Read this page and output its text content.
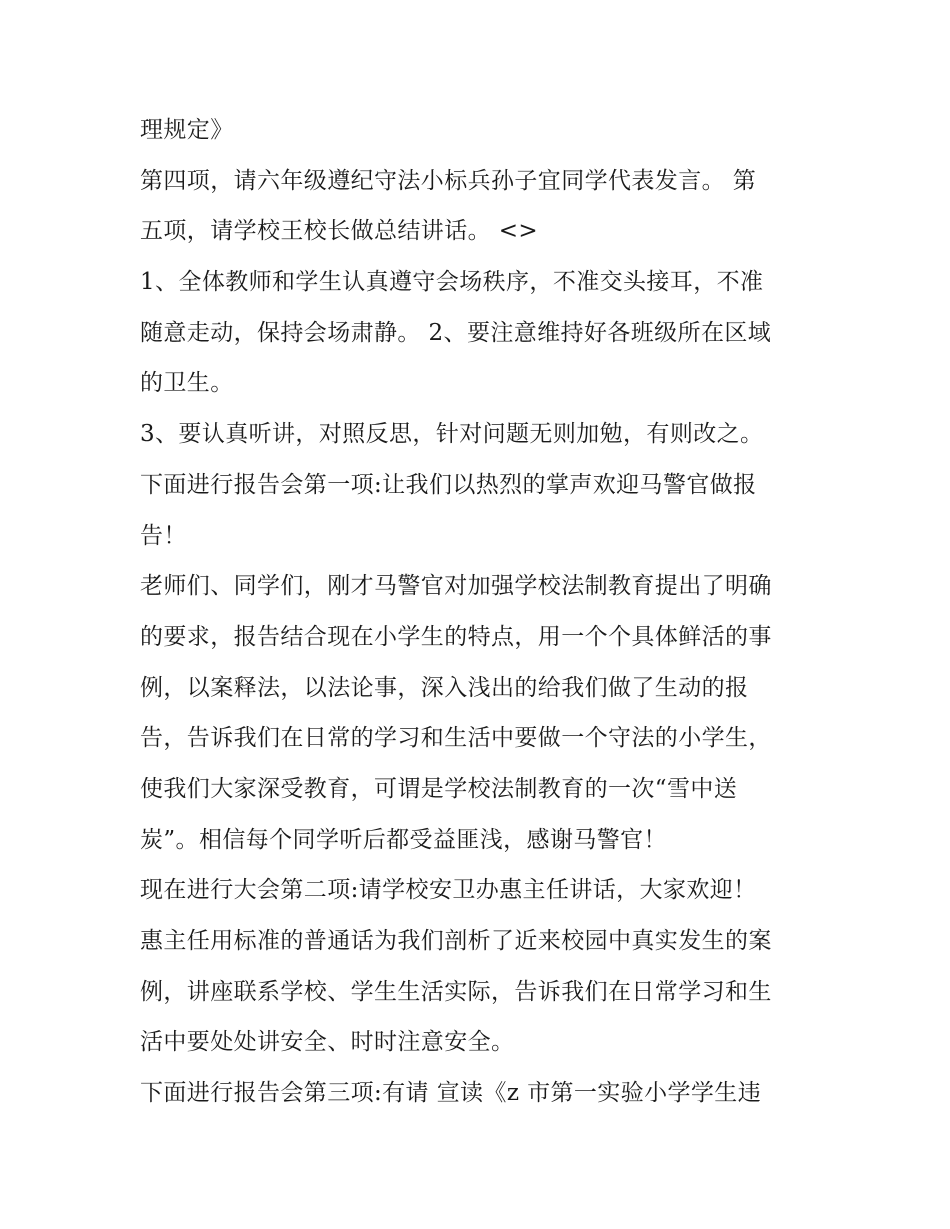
理规定》
第四项，请六年级遵纪守法小标兵孙子宜同学代表发言。 第
五项，请学校王校长做总结讲话。 <>
1、全体教师和学生认真遵守会场秩序，不准交头接耳，不准
随意走动，保持会场肃静。 2、要注意维持好各班级所在区域
的卫生。
3、要认真听讲，对照反思，针对问题无则加勉，有则改之。
下面进行报告会第一项:让我们以热烈的掌声欢迎马警官做报
告！
老师们、同学们，刚才马警官对加强学校法制教育提出了明确
的要求，报告结合现在小学生的特点，用一个个具体鲜活的事
例，以案释法，以法论事，深入浅出的给我们做了生动的报
告，告诉我们在日常的学习和生活中要做一个守法的小学生，
使我们大家深受教育，可谓是学校法制教育的一次“雪中送
炭”。相信每个同学听后都受益匪浅，感谢马警官！
现在进行大会第二项:请学校安卫办惠主任讲话，大家欢迎！
惠主任用标准的普通话为我们剖析了近来校园中真实发生的案
例，讲座联系学校、学生生活实际，告诉我们在日常学习和生
活中要处处讲安全、时时注意安全。
下面进行报告会第三项:有请 宣读《z 市第一实验小学学生违
